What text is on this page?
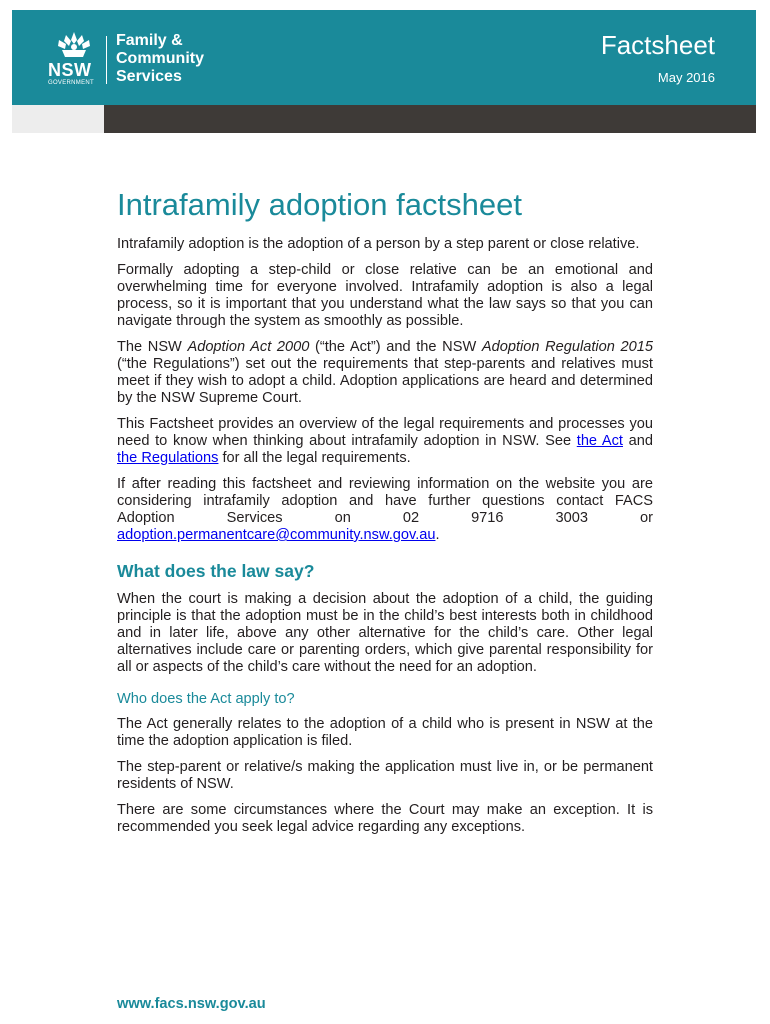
NSW
GOVERNMENT
Family &
Community
Services
Factsheet
May 2016
Intrafamily adoption factsheet

Intrafamily adoption is the adoption of a person by a step parent or close relative.

Formally adopting a step-child or close relative can be an emotional and overwhelming time for everyone involved. Intrafamily adoption is also a legal process, so it is important that you understand what the law says so that you can navigate through the system as smoothly as possible.

The NSW Adoption Act 2000 (“the Act”) and the NSW Adoption Regulation 2015 (“the Regulations”) set out the requirements that step-parents and relatives must meet if they wish to adopt a child. Adoption applications are heard and determined by the NSW Supreme Court.

This Factsheet provides an overview of the legal requirements and processes you need to know when thinking about intrafamily adoption in NSW. See the Act and the Regulations for all the legal requirements.

If after reading this factsheet and reviewing information on the website you are considering intrafamily adoption and have further questions contact FACS Adoption Services on 02 9716 3003 or adoption.permanentcare@community.nsw.gov.au.

What does the law say?

When the court is making a decision about the adoption of a child, the guiding principle is that the adoption must be in the child’s best interests both in childhood and in later life, above any other alternative for the child’s care. Other legal alternatives include care or parenting orders, which give parental responsibility for all or aspects of the child’s care without the need for an adoption.

Who does the Act apply to?

The Act generally relates to the adoption of a child who is present in NSW at the time the adoption application is filed.

The step-parent or relative/s making the application must live in, or be permanent residents of NSW.

There are some circumstances where the Court may make an exception. It is recommended you seek legal advice regarding any exceptions.

www.facs.nsw.gov.au
